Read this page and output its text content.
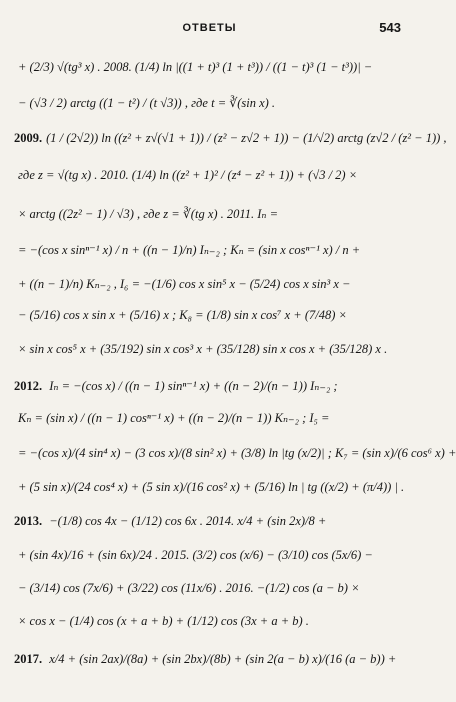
ОТВЕТЫ	543
+ (2/3) √(tg³ x) . 2008. (1/4) ln |((1 + t)³ (1 + t³)) / ((1 − t)³ (1 − t³))| −
− (√3 / 2) arctg ((1 − t²) / (t √3)) , где t = ∛(sin x) .
2009. (1 / (2√2)) ln ((z² + z√(√1 + 1)) / (z² − z√2 + 1)) − (1/√2) arctg (z√2 / (z² − 1)) ,
где z = √(tg x) . 2010. (1/4) ln ((z² + 1)² / (z⁴ − z² + 1)) + (√3 / 2) ×
× arctg ((2z² − 1) / √3) , где z = ∛(tg x) . 2011. Iₙ =
= −(cos x sinⁿ⁻¹ x) / n + ((n − 1)/n) Iₙ₋₂ ; Kₙ = (sin x cosⁿ⁻¹ x) / n +
+ ((n − 1)/n) Kₙ₋₂ , I₆ = −(1/6) cos x sin⁵ x − (5/24) cos x sin³ x −
− (5/16) cos x sin x + (5/16) x ; K₈ = (1/8) sin x cos⁷ x + (7/48) ×
× sin x cos⁵ x + (35/192) sin x cos³ x + (35/128) sin x cos x + (35/128) x .
2012. Iₙ = −(cos x) / ((n − 1) sinⁿ⁻¹ x) + ((n − 2)/(n − 1)) Iₙ₋₂ ;
Kₙ = (sin x) / ((n − 1) cosⁿ⁻¹ x) + ((n − 2)/(n − 1)) Kₙ₋₂ ; I₅ =
= −(cos x)/(4 sin⁴ x) − (3 cos x)/(8 sin² x) + (3/8) ln |tg (x/2)| ; K₇ = (sin x)/(6 cos⁶ x) +
+ (5 sin x)/(24 cos⁴ x) + (5 sin x)/(16 cos² x) + (5/16) ln | tg ((x/2) + (π/4)) | .
2013. −(1/8) cos 4x − (1/12) cos 6x . 2014. x/4 + (sin 2x)/8 +
+ (sin 4x)/16 + (sin 6x)/24 . 2015. (3/2) cos (x/6) − (3/10) cos (5x/6) −
− (3/14) cos (7x/6) + (3/22) cos (11x/6) . 2016. −(1/2) cos (a − b) ×
× cos x − (1/4) cos (x + a + b) + (1/12) cos (3x + a + b) .
2017. x/4 + (sin 2ax)/(8a) + (sin 2bx)/(8b) + (sin 2(a − b) x)/(16 (a − b)) +
